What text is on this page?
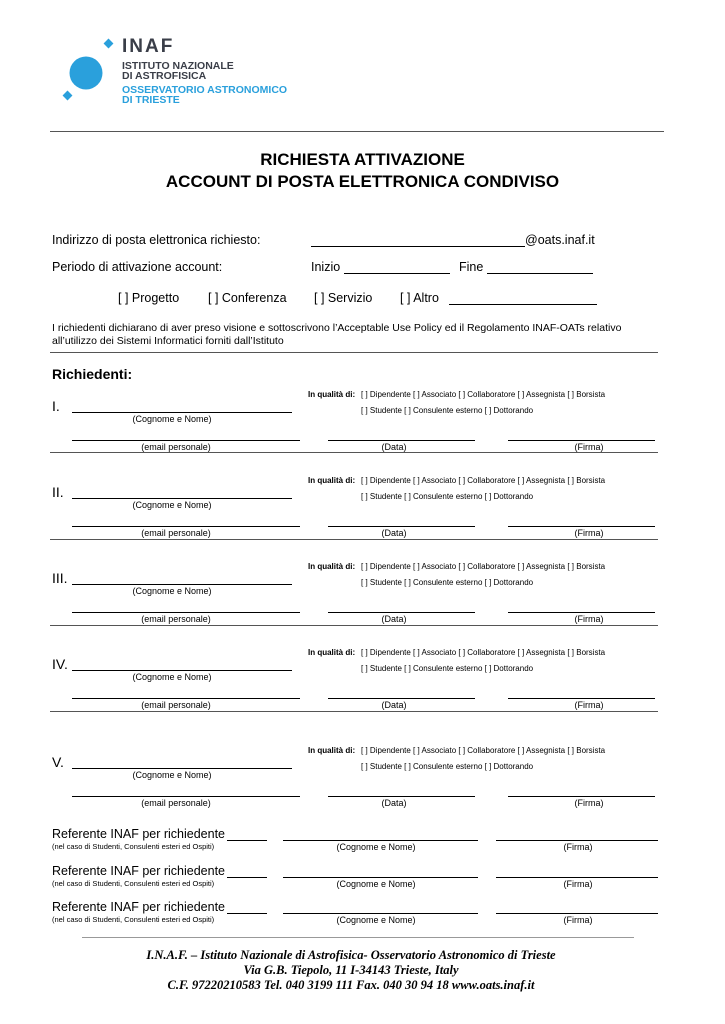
INAF
ISTITUTO NAZIONALE
DI ASTROFISICA
OSSERVATORIO ASTRONOMICO
DI TRIESTE
RICHIESTA ATTIVAZIONE
ACCOUNT DI POSTA ELETTRONICA CONDIVISO
Indirizzo di posta elettronica richiesto:	@oats.inaf.it
Periodo di attivazione account:	Inizio	Fine
[ ] Progetto [ ] Conferenza [ ] Servizio [ ] Altro
I richiedenti dichiarano di aver preso visione e sottoscrivono l’Acceptable Use Policy ed il Regolamento INAF-OATs relativo
all’utilizzo dei Sistemi Informatici forniti dall’Istituto
Richiedenti:
In qualità di: [ ] Dipendente [ ] Associato [ ] Collaboratore [ ] Assegnista [ ] Borsista
[ ] Studente [ ] Consulente esterno [ ] Dottorando
I.
(Cognome e Nome)
(email personale)	(Data)	(Firma)
In qualità di: [ ] Dipendente [ ] Associato [ ] Collaboratore [ ] Assegnista [ ] Borsista
[ ] Studente [ ] Consulente esterno [ ] Dottorando
II.
(Cognome e Nome)
(email personale)	(Data)	(Firma)
In qualità di: [ ] Dipendente [ ] Associato [ ] Collaboratore [ ] Assegnista [ ] Borsista
[ ] Studente [ ] Consulente esterno [ ] Dottorando
III.
(Cognome e Nome)
(email personale)	(Data)	(Firma)
In qualità di: [ ] Dipendente [ ] Associato [ ] Collaboratore [ ] Assegnista [ ] Borsista
[ ] Studente [ ] Consulente esterno [ ] Dottorando
IV.
(Cognome e Nome)
(email personale)	(Data)	(Firma)
In qualità di: [ ] Dipendente [ ] Associato [ ] Collaboratore [ ] Assegnista [ ] Borsista
[ ] Studente [ ] Consulente esterno [ ] Dottorando
V.
(Cognome e Nome)
(email personale)	(Data)	(Firma)
Referente INAF per richiedente
(nel caso di Studenti, Consulenti esteri ed Ospiti)	(Cognome e Nome)	(Firma)
Referente INAF per richiedente
(nel caso di Studenti, Consulenti esteri ed Ospiti)	(Cognome e Nome)	(Firma)
Referente INAF per richiedente
(nel caso di Studenti, Consulenti esteri ed Ospiti)	(Cognome e Nome)	(Firma)
I.N.A.F. – Istituto Nazionale di Astrofisica- Osservatorio Astronomico di Trieste
Via G.B. Tiepolo, 11 I-34143 Trieste, Italy
C.F. 97220210583 Tel. 040 3199 111 Fax. 040 30 94 18 www.oats.inaf.it
